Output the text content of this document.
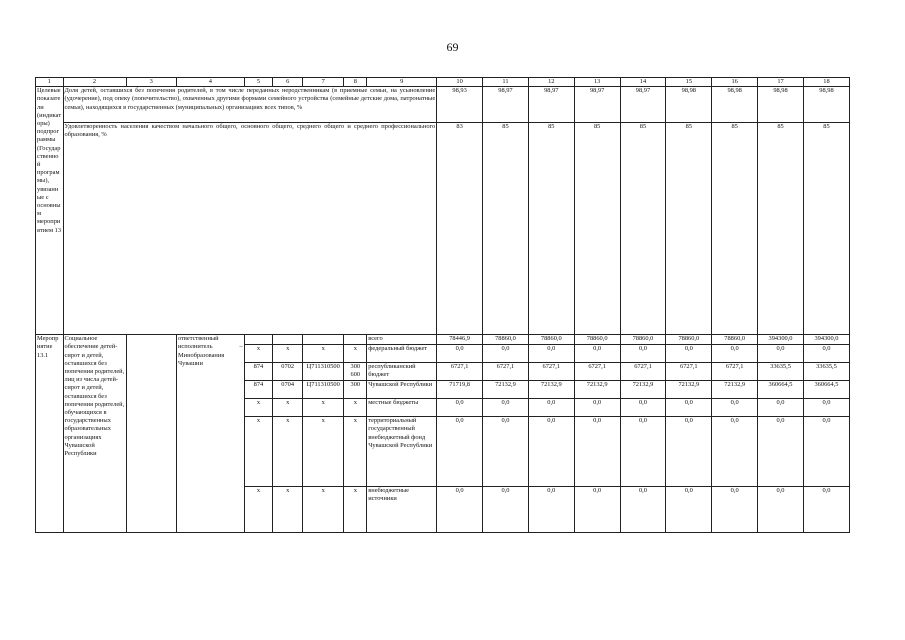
69
1	2	3	4	5	6	7	8	9	10	11	12	13	14	15	16	17	18
Целевые показатели (индикаторы) подпрограммы (Государственной программы), увязанные с основным мероприятием 13	Доля детей, оставшихся без попечения родителей, в том числе переданных неродственникам (в приемные семьи, на усыновление (удочерение), под опеку (попечительство), охваченных другими формами семейного устройства (семейные детские дома, патронатные семьи), находящихся в государственных (муниципальных) организациях всех типов, %								98,93	98,97	98,97	98,97	98,97	98,98	98,98	98,98	98,98
	Удовлетворенность населения качеством начального общего, основного общего, среднего общего и среднего профессионального образования, %								83	85	85	85	85	85	85	85	85
Мероприятие 13.1	Социальное обеспечение детей-сирот и детей, оставшихся без попечения родителей, лиц из числа детей-сирот и детей, оставшихся без попечения родителей, обучающихся в государственных образовательных организациях Чувашской Республики		ответственный исполнитель – Минобразования Чувашии					всего	78446,9	78860,0	78860,0	78860,0	78860,0	78860,0	78860,0	394300,0	394300,0
				x	x	x	x	федеральный бюджет	0,0	0,0	0,0	0,0	0,0	0,0	0,0	0,0	0,0
				874	0702	Ц711310500	300 600	республиканский бюджет	6727,1	6727,1	6727,1	6727,1	6727,1	6727,1	6727,1	33635,5	33635,5
				874	0704	Ц711310500	300	Чувашской Республики	71719,8	72132,9	72132,9	72132,9	72132,9	72132,9	72132,9	360664,5	360664,5
				x	x	x	x	местные бюджеты	0,0	0,0	0,0	0,0	0,0	0,0	0,0	0,0	0,0
				x	x	x	x	территориальный государственный внебюджетный фонд Чувашской Республики	0,0	0,0	0,0	0,0	0,0	0,0	0,0	0,0	0,0
				x	x	x	x	внебюджетные источники	0,0	0,0	0,0	0,0	0,0	0,0	0,0	0,0	0,0
